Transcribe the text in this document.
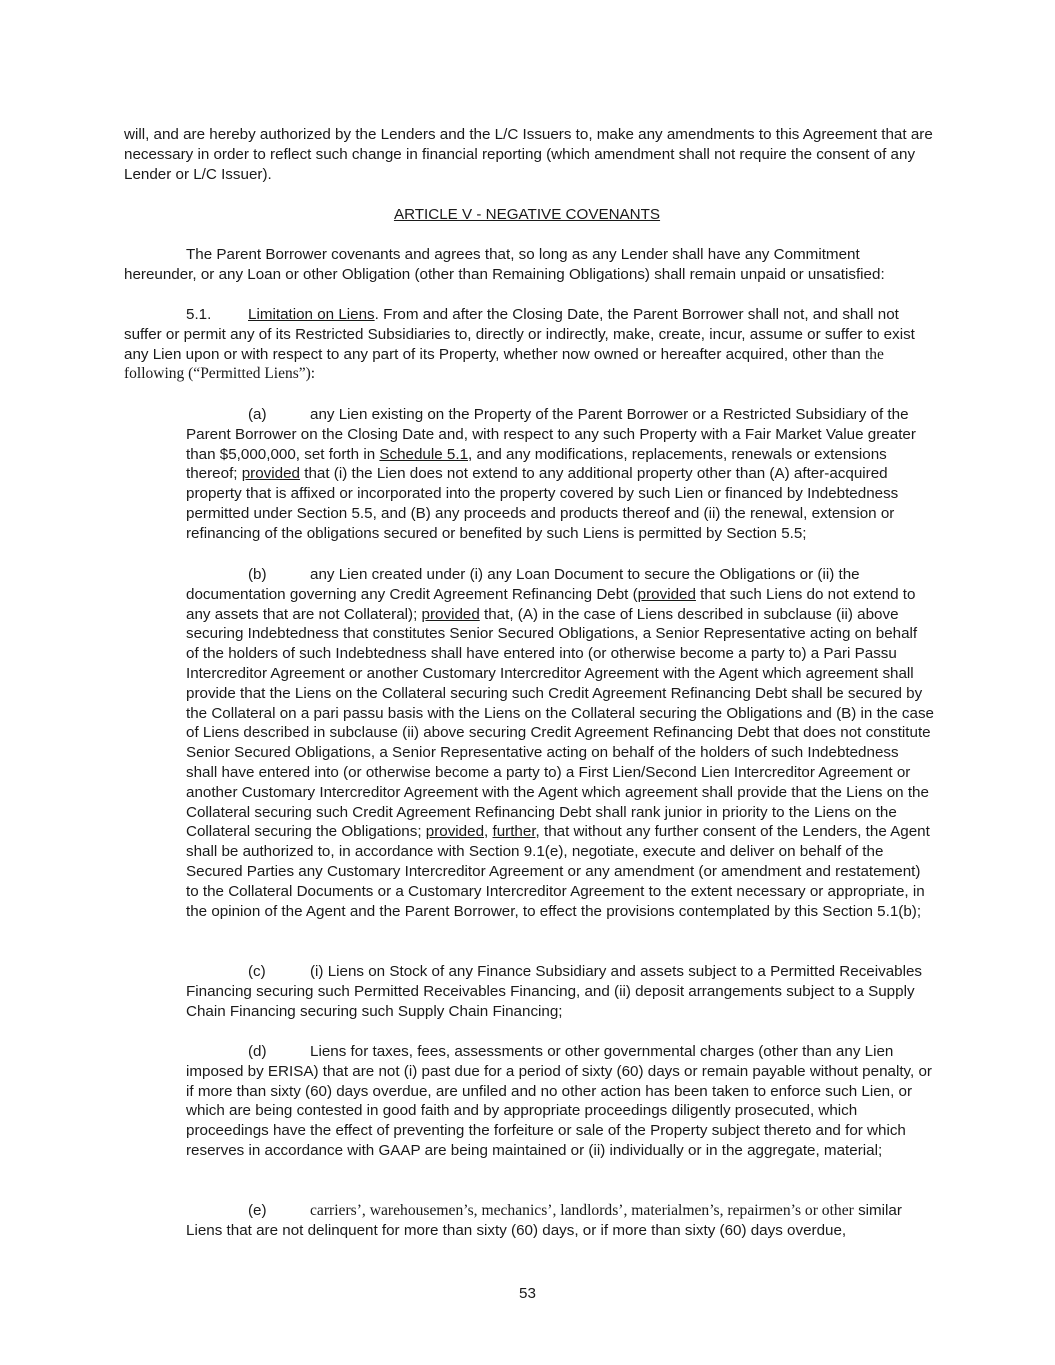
will, and are hereby authorized by the Lenders and the L/C Issuers to, make any amendments to this Agreement that are necessary in order to reflect such change in financial reporting (which amendment shall not require the consent of any Lender or L/C Issuer).

ARTICLE V - NEGATIVE COVENANTS

The Parent Borrower covenants and agrees that, so long as any Lender shall have any Commitment hereunder, or any Loan or other Obligation (other than Remaining Obligations) shall remain unpaid or unsatisfied:

5.1. Limitation on Liens. From and after the Closing Date, the Parent Borrower shall not, and shall not suffer or permit any of its Restricted Subsidiaries to, directly or indirectly, make, create, incur, assume or suffer to exist any Lien upon or with respect to any part of its Property, whether now owned or hereafter acquired, other than the following (“Permitted Liens”):

(a)	any Lien existing on the Property of the Parent Borrower or a Restricted Subsidiary of the Parent Borrower on the Closing Date and, with respect to any such Property with a Fair Market Value greater than $5,000,000, set forth in Schedule 5.1, and any modifications, replacements, renewals or extensions thereof; provided that (i) the Lien does not extend to any additional property other than (A) after-acquired property that is affixed or incorporated into the property covered by such Lien or financed by Indebtedness permitted under Section 5.5, and (B) any proceeds and products thereof and (ii) the renewal, extension or refinancing of the obligations secured or benefited by such Liens is permitted by Section 5.5;

(b)	any Lien created under (i) any Loan Document to secure the Obligations or (ii) the documentation governing any Credit Agreement Refinancing Debt (provided that such Liens do not extend to any assets that are not Collateral); provided that, (A) in the case of Liens described in subclause (ii) above securing Indebtedness that constitutes Senior Secured Obligations, a Senior Representative acting on behalf of the holders of such Indebtedness shall have entered into (or otherwise become a party to) a Pari Passu Intercreditor Agreement or another Customary Intercreditor Agreement with the Agent which agreement shall provide that the Liens on the Collateral securing such Credit Agreement Refinancing Debt shall be secured by the Collateral on a pari passu basis with the Liens on the Collateral securing the Obligations and (B) in the case of Liens described in subclause (ii) above securing Credit Agreement Refinancing Debt that does not constitute Senior Secured Obligations, a Senior Representative acting on behalf of the holders of such Indebtedness shall have entered into (or otherwise become a party to) a First Lien/Second Lien Intercreditor Agreement or another Customary Intercreditor Agreement with the Agent which agreement shall provide that the Liens on the Collateral securing such Credit Agreement Refinancing Debt shall rank junior in priority to the Liens on the Collateral securing the Obligations; provided, further, that without any further consent of the Lenders, the Agent shall be authorized to, in accordance with Section 9.1(e), negotiate, execute and deliver on behalf of the Secured Parties any Customary Intercreditor Agreement or any amendment (or amendment and restatement) to the Collateral Documents or a Customary Intercreditor Agreement to the extent necessary or appropriate, in the opinion of the Agent and the Parent Borrower, to effect the provisions contemplated by this Section 5.1(b);

(c)	(i) Liens on Stock of any Finance Subsidiary and assets subject to a Permitted Receivables Financing securing such Permitted Receivables Financing, and (ii) deposit arrangements subject to a Supply Chain Financing securing such Supply Chain Financing;

(d)	Liens for taxes, fees, assessments or other governmental charges (other than any Lien imposed by ERISA) that are not (i) past due for a period of sixty (60) days or remain payable without penalty, or if more than sixty (60) days overdue, are unfiled and no other action has been taken to enforce such Lien, or which are being contested in good faith and by appropriate proceedings diligently prosecuted, which proceedings have the effect of preventing the forfeiture or sale of the Property subject thereto and for which reserves in accordance with GAAP are being maintained or (ii) individually or in the aggregate, material;

(e)	carriers’, warehousemen’s, mechanics’, landlords’, materialmen’s, repairmen’s or other similar Liens that are not delinquent for more than sixty (60) days, or if more than sixty (60) days overdue,

53
